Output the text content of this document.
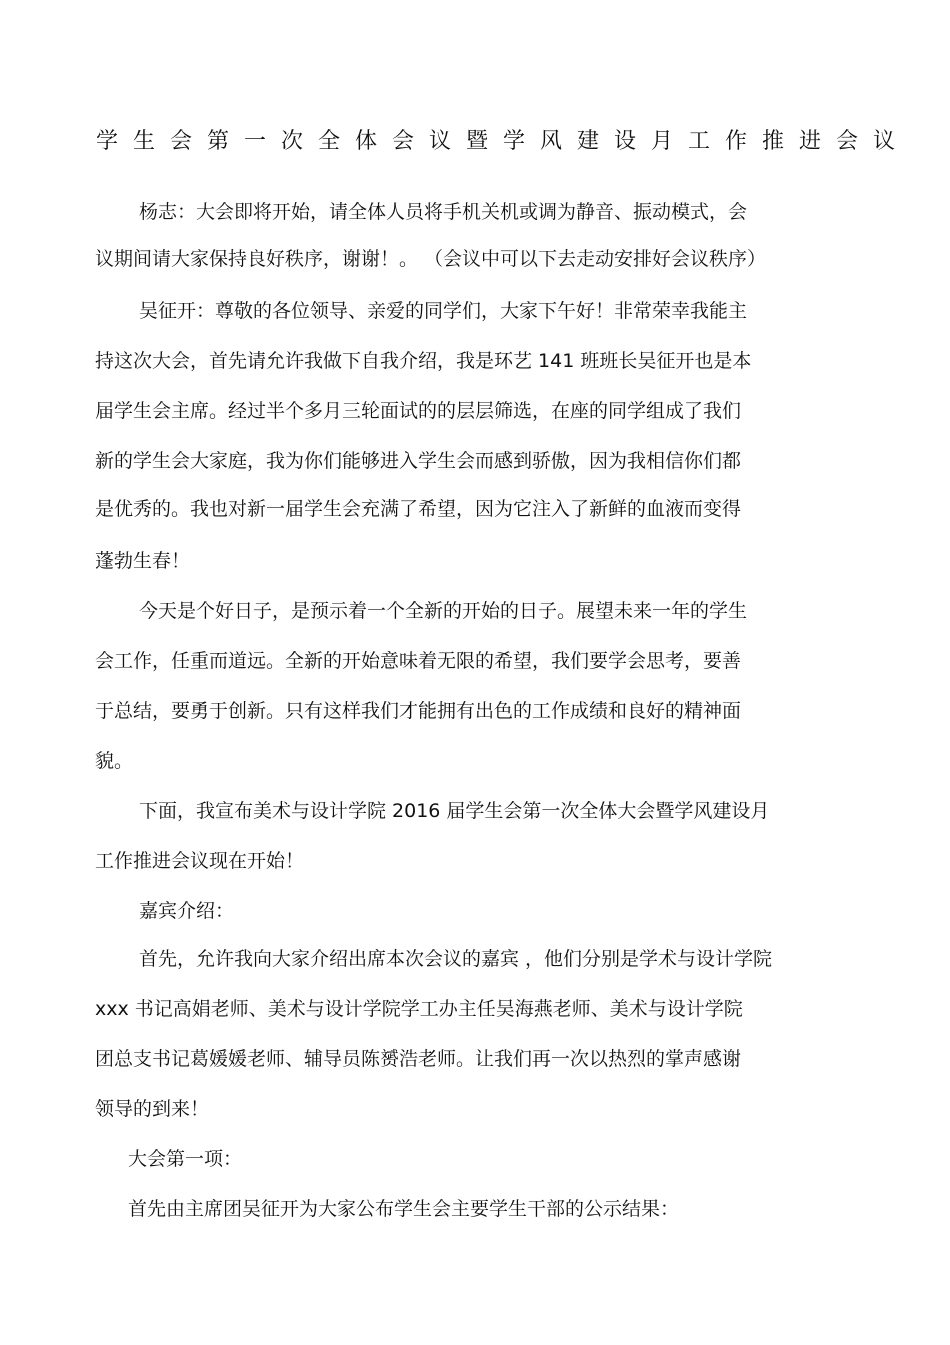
学生会第一次全体会议暨学风建设月工作推进会议
杨志：大会即将开始，请全体人员将手机关机或调为静音、振动模式，会
议期间请大家保持良好秩序，谢谢！。 （会议中可以下去走动安排好会议秩序）
吴征开：尊敬的各位领导、亲爱的同学们，大家下午好！非常荣幸我能主
持这次大会，首先请允许我做下自我介绍，我是环艺 141 班班长吴征开也是本
届学生会主席。经过半个多月三轮面试的的层层筛选，在座的同学组成了我们
新的学生会大家庭，我为你们能够进入学生会而感到骄傲，因为我相信你们都
是优秀的。我也对新一届学生会充满了希望，因为它注入了新鲜的血液而变得
蓬勃生春！
今天是个好日子，是预示着一个全新的开始的日子。展望未来一年的学生
会工作，任重而道远。全新的开始意味着无限的希望，我们要学会思考，要善
于总结，要勇于创新。只有这样我们才能拥有出色的工作成绩和良好的精神面
貌。
下面，我宣布美术与设计学院 2016 届学生会第一次全体大会暨学风建设月
工作推进会议现在开始！
嘉宾介绍：
首先，允许我向大家介绍出席本次会议的嘉宾 ，他们分别是学术与设计学院
xxx 书记高娟老师、美术与设计学院学工办主任吴海燕老师、美术与设计学院
团总支书记葛媛媛老师、辅导员陈赟浩老师。让我们再一次以热烈的掌声感谢
领导的到来！
大会第一项：
首先由主席团吴征开为大家公布学生会主要学生干部的公示结果：
